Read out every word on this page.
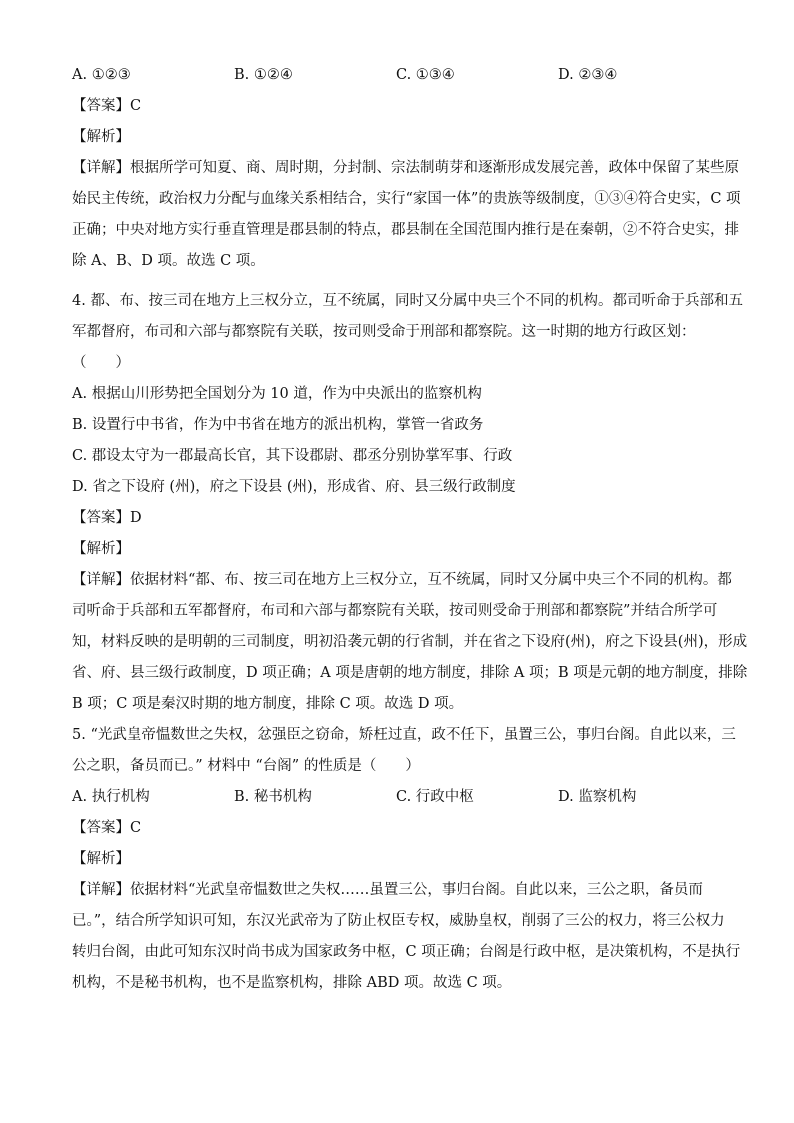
A. ①②③	B. ①②④	C. ①③④	D. ②③④
【答案】C
【解析】
【详解】根据所学可知夏、商、周时期，分封制、宗法制萌芽和逐渐形成发展完善，政体中保留了某些原
始民主传统，政治权力分配与血缘关系相结合，实行“家国一体”的贵族等级制度，①③④符合史实，C 项
正确；中央对地方实行垂直管理是郡县制的特点，郡县制在全国范围内推行是在秦朝，②不符合史实，排
除 A、B、D 项。故选 C 项。
4. 都、布、按三司在地方上三权分立，互不统属，同时又分属中央三个不同的机构。都司听命于兵部和五
军都督府，布司和六部与都察院有关联，按司则受命于刑部和都察院。这一时期的地方行政区划：
（　　）
A. 根据山川形势把全国划分为 10 道，作为中央派出的监察机构
B. 设置行中书省，作为中书省在地方的派出机构，掌管一省政务
C. 郡设太守为一郡最高长官，其下设郡尉、郡丞分别协掌军事、行政
D. 省之下设府 (州)，府之下设县 (州)，形成省、府、县三级行政制度
【答案】D
【解析】
【详解】依据材料“都、布、按三司在地方上三权分立，互不统属，同时又分属中央三个不同的机构。都
司听命于兵部和五军都督府，布司和六部与都察院有关联，按司则受命于刑部和都察院”并结合所学可
知，材料反映的是明朝的三司制度，明初沿袭元朝的行省制，并在省之下设府(州)，府之下设县(州)，形成
省、府、县三级行政制度，D 项正确；A 项是唐朝的地方制度，排除 A 项；B 项是元朝的地方制度，排除
B 项；C 项是秦汉时期的地方制度，排除 C 项。故选 D 项。
5. “光武皇帝愠数世之失权，忿强臣之窃命，矫枉过直，政不任下，虽置三公，事归台阁。自此以来，三
公之职，备员而已。” 材料中 “台阁” 的性质是（　　）
A. 执行机构	B. 秘书机构	C. 行政中枢	D. 监察机构
【答案】C
【解析】
【详解】依据材料“光武皇帝愠数世之失权……虽置三公，事归台阁。自此以来，三公之职，备员而
已。”，结合所学知识可知，东汉光武帝为了防止权臣专权，威胁皇权，削弱了三公的权力，将三公权力
转归台阁，由此可知东汉时尚书成为国家政务中枢，C 项正确；台阁是行政中枢，是决策机构，不是执行
机构，不是秘书机构，也不是监察机构，排除 ABD 项。故选 C 项。
